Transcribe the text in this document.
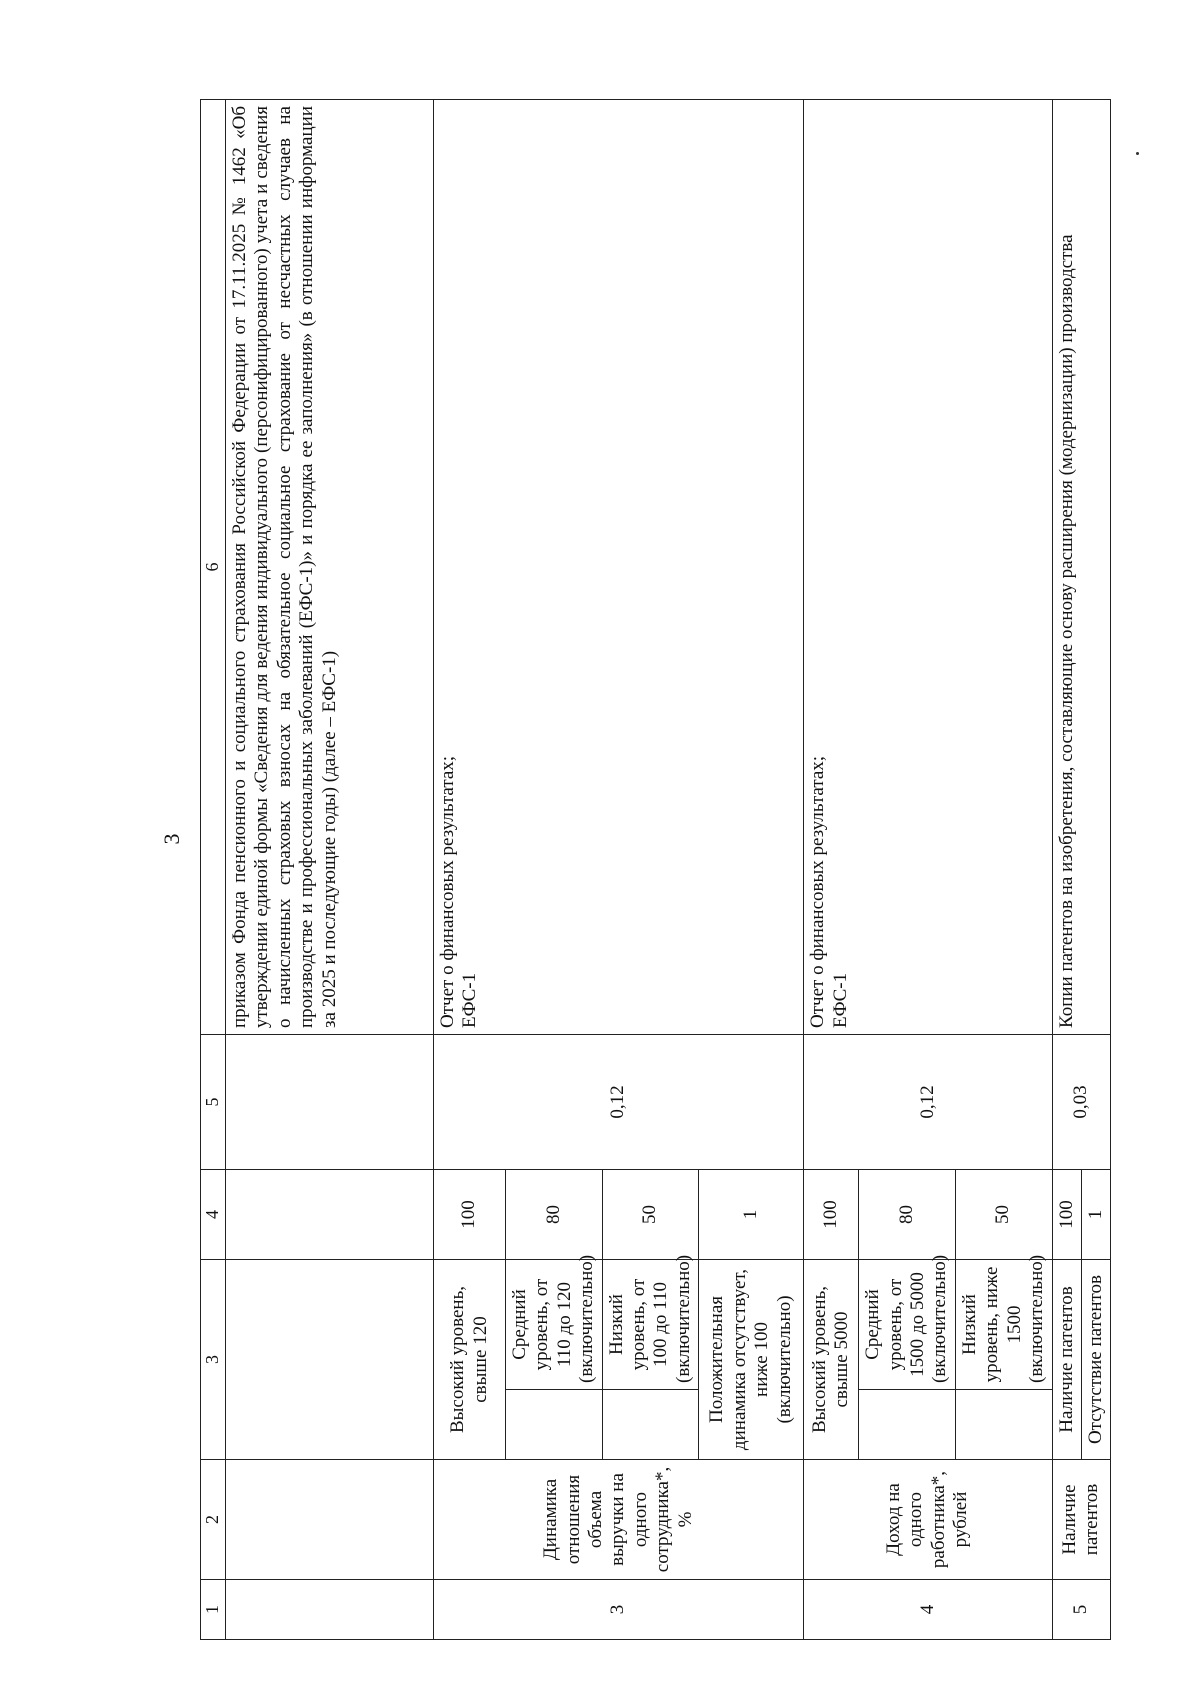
3
1	2	3		4	5	6
						приказом Фонда пенсионного и социального страхования Российской Федерации от 17.11.2025 № 1462 «Об утверждении единой формы «Сведения для ведения индивидуального (персонифицированного) учета и сведения о начисленных страховых взносах на обязательное социальное страхование от несчастных случаев на производстве и профессиональных заболеваний (ЕФС-1)» и порядка ее заполнения» (в отношении информации за 2025 и последующие годы) (далее – ЕФС-1)
3	Динамика отношения объема выручки на одного сотрудника*, %	Высокий уровень, свыше 120		100	0,12	Отчет о финансовых результатах;
ЕФС-1
			Средний уровень, от 110 до 120 (включительно)	80		
			Низкий уровень, от 100 до 110 (включительно)	50		
		Положительная динамика отсутствует, ниже 100 (включительно)		1		
4	Доход на одного работника*, рублей	Высокий уровень, свыше 5000		100	0,12	Отчет о финансовых результатах;
ЕФС-1
			Средний уровень, от 1500 до 5000 (включительно)	80		
			Низкий уровень, ниже 1500 (включительно)	50		
5	Наличие патентов	Наличие патентов		100	0,03	Копии патентов на изобретения, составляющие основу расширения (модернизации) производства
		Отсутствие патентов		1		
